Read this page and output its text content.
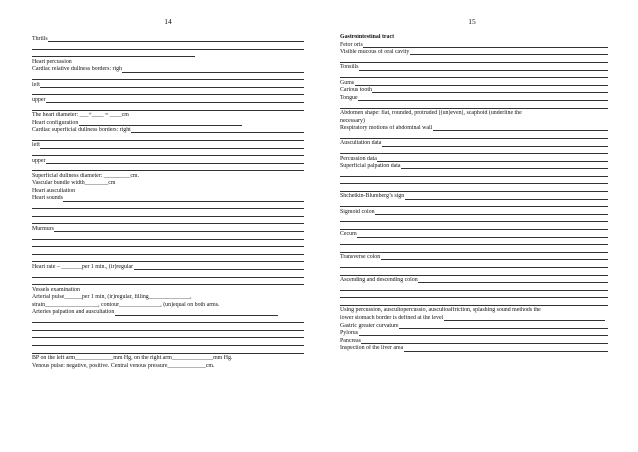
14
Thrills
Heart percussion
Cardiac relative dullness borders: righ
left
upper
The heart diameter: ___+____ = ____cm
Heart configuration
Cardiac superficial dullness borders: right
left
upper
Superficial dullness diameter: _________cm.
Vascular bundle width________cm
Heart auscultation
Heart sounds
Murmurs
Heart rate – _______per 1 min., (ir)regular
Vessels examination
Arterial pulse______per 1 min, (ir)regular, filling______________,
strain__________________, contour______________, (un)equal on both arms.
Arteries palpation and auscultation
BP on the left arm_____________mm Hg, on the right arm______________mm Hg.
Venous pulse: negative, positive. Central venous pressure_____________cm.
15
Gastrointestinal tract
Fetor oris
Visible mucous of oral cavity
Tonsills
Gums
Carious tooth
Tongue
Abdomen shape: flat, rounded, protruded [(un)even], scaphoid (underline the
necessary)
Respiratory motions of abdominal wall
Auscultation data
Percussion data
Superficial palpation data
Shchetkin-Blumberg’s sign
Sigmoid colon
Cecum
Transverse colon
Ascending and descending colon
Using percussion, auscultopercussio, auscultoaffriction, splashing sound methods the
lower stomach border is defined at the level
Gastric greater curvature
Pylorus
Pancreas
Inspection of the liver area
